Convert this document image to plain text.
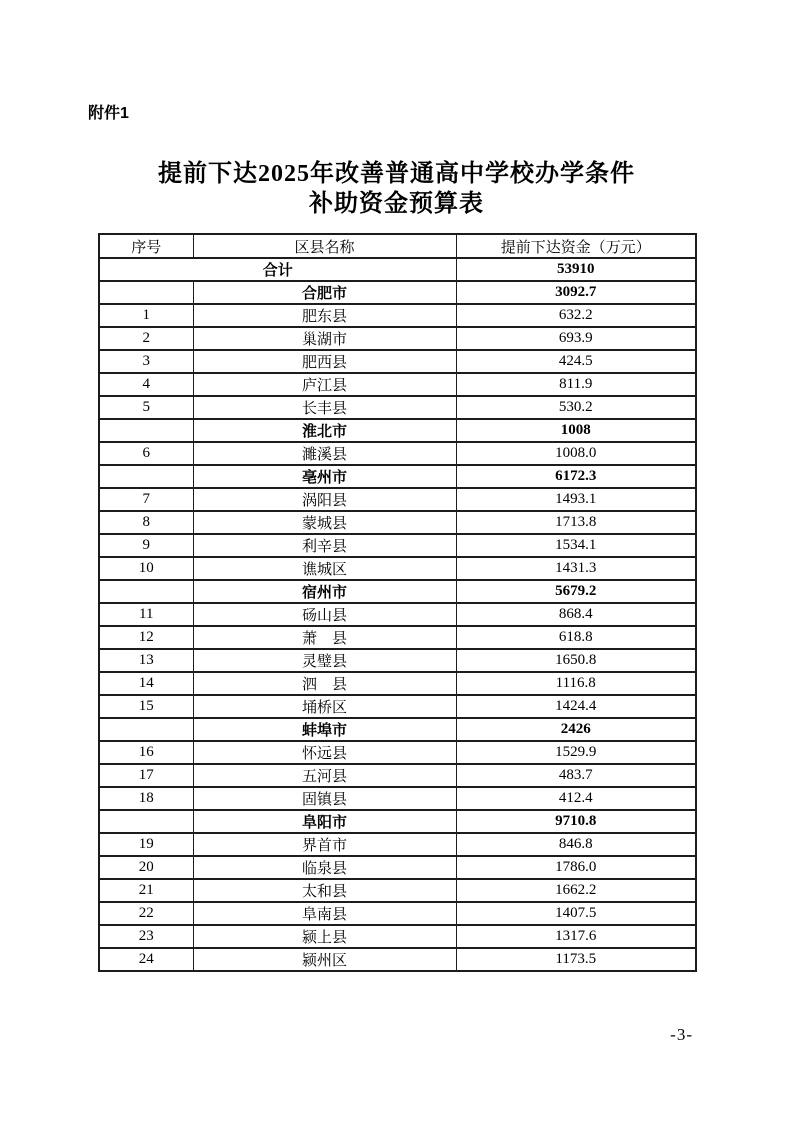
附件1
提前下达2025年改善普通高中学校办学条件
补助资金预算表
序号	区县名称	提前下达资金（万元）
合计		53910
	合肥市	3092.7
1	肥东县	632.2
2	巢湖市	693.9
3	肥西县	424.5
4	庐江县	811.9
5	长丰县	530.2
	淮北市	1008
6	濉溪县	1008.0
	亳州市	6172.3
7	涡阳县	1493.1
8	蒙城县	1713.8
9	利辛县	1534.1
10	谯城区	1431.3
	宿州市	5679.2
11	砀山县	868.4
12	萧　县	618.8
13	灵璧县	1650.8
14	泗　县	1116.8
15	埇桥区	1424.4
	蚌埠市	2426
16	怀远县	1529.9
17	五河县	483.7
18	固镇县	412.4
	阜阳市	9710.8
19	界首市	846.8
20	临泉县	1786.0
21	太和县	1662.2
22	阜南县	1407.5
23	颍上县	1317.6
24	颍州区	1173.5
-3-
